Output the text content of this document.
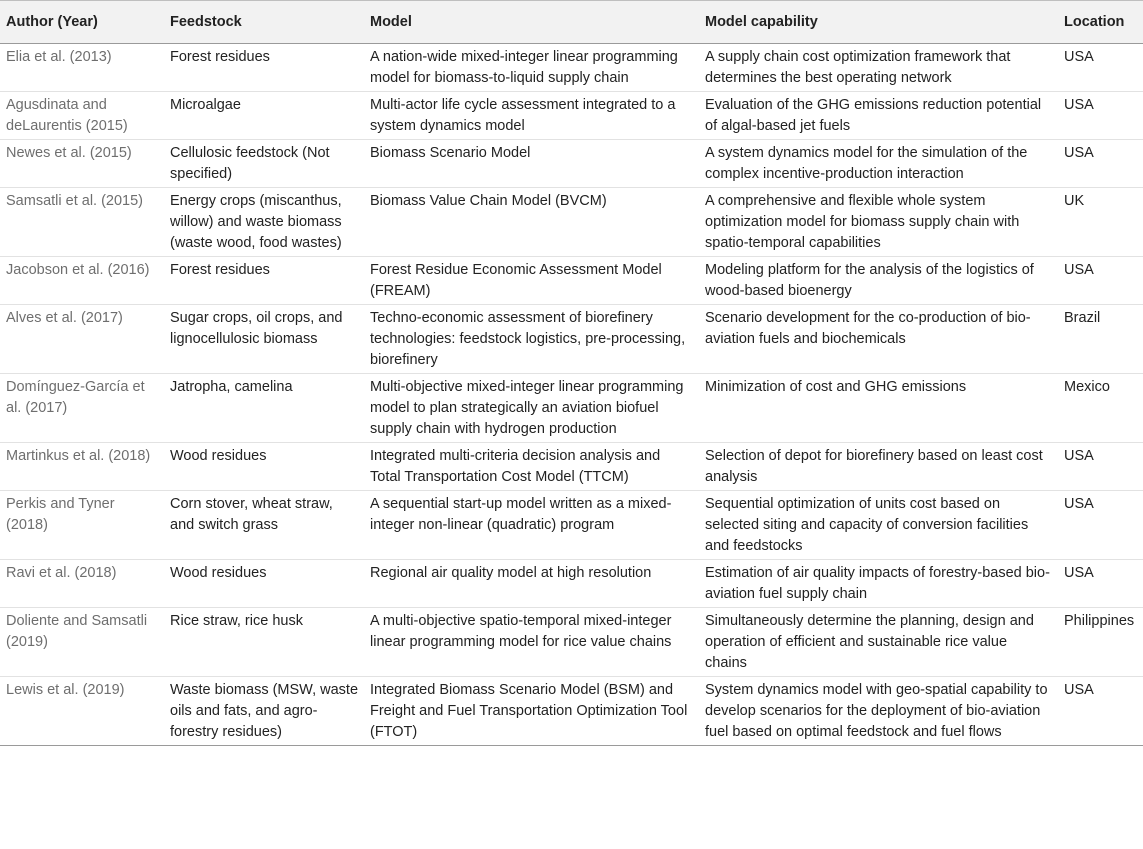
Author (Year)	Feedstock	Model	Model capability	Location
Elia et al. (2013)	Forest residues	A nation-wide mixed-integer linear programming model for biomass-to-liquid supply chain	A supply chain cost optimization framework that determines the best operating network	USA
Agusdinata and deLaurentis (2015)	Microalgae	Multi-actor life cycle assessment integrated to a system dynamics model	Evaluation of the GHG emissions reduction potential of algal-based jet fuels	USA
Newes et al. (2015)	Cellulosic feedstock (Not specified)	Biomass Scenario Model	A system dynamics model for the simulation of the complex incentive-production interaction	USA
Samsatli et al. (2015)	Energy crops (miscanthus, willow) and waste biomass (waste wood, food wastes)	Biomass Value Chain Model (BVCM)	A comprehensive and flexible whole system optimization model for biomass supply chain with spatio-temporal capabilities	UK
Jacobson et al. (2016)	Forest residues	Forest Residue Economic Assessment Model (FREAM)	Modeling platform for the analysis of the logistics of wood-based bioenergy	USA
Alves et al. (2017)	Sugar crops, oil crops, and lignocellulosic biomass	Techno-economic assessment of biorefinery technologies: feedstock logistics, pre-processing, biorefinery	Scenario development for the co-production of bio-aviation fuels and biochemicals	Brazil
Domínguez-García et al. (2017)	Jatropha, camelina	Multi-objective mixed-integer linear programming model to plan strategically an aviation biofuel supply chain with hydrogen production	Minimization of cost and GHG emissions	Mexico
Martinkus et al. (2018)	Wood residues	Integrated multi-criteria decision analysis and Total Transportation Cost Model (TTCM)	Selection of depot for biorefinery based on least cost analysis	USA
Perkis and Tyner (2018)	Corn stover, wheat straw, and switch grass	A sequential start-up model written as a mixed-integer non-linear (quadratic) program	Sequential optimization of units cost based on selected siting and capacity of conversion facilities and feedstocks	USA
Ravi et al. (2018)	Wood residues	Regional air quality model at high resolution	Estimation of air quality impacts of forestry-based bio-aviation fuel supply chain	USA
Doliente and Samsatli (2019)	Rice straw, rice husk	A multi-objective spatio-temporal mixed-integer linear programming model for rice value chains	Simultaneously determine the planning, design and operation of efficient and sustainable rice value chains	Philippines
Lewis et al. (2019)	Waste biomass (MSW, waste oils and fats, and agro-forestry residues)	Integrated Biomass Scenario Model (BSM) and Freight and Fuel Transportation Optimization Tool (FTOT)	System dynamics model with geo-spatial capability to develop scenarios for the deployment of bio-aviation fuel based on optimal feedstock and fuel flows	USA
